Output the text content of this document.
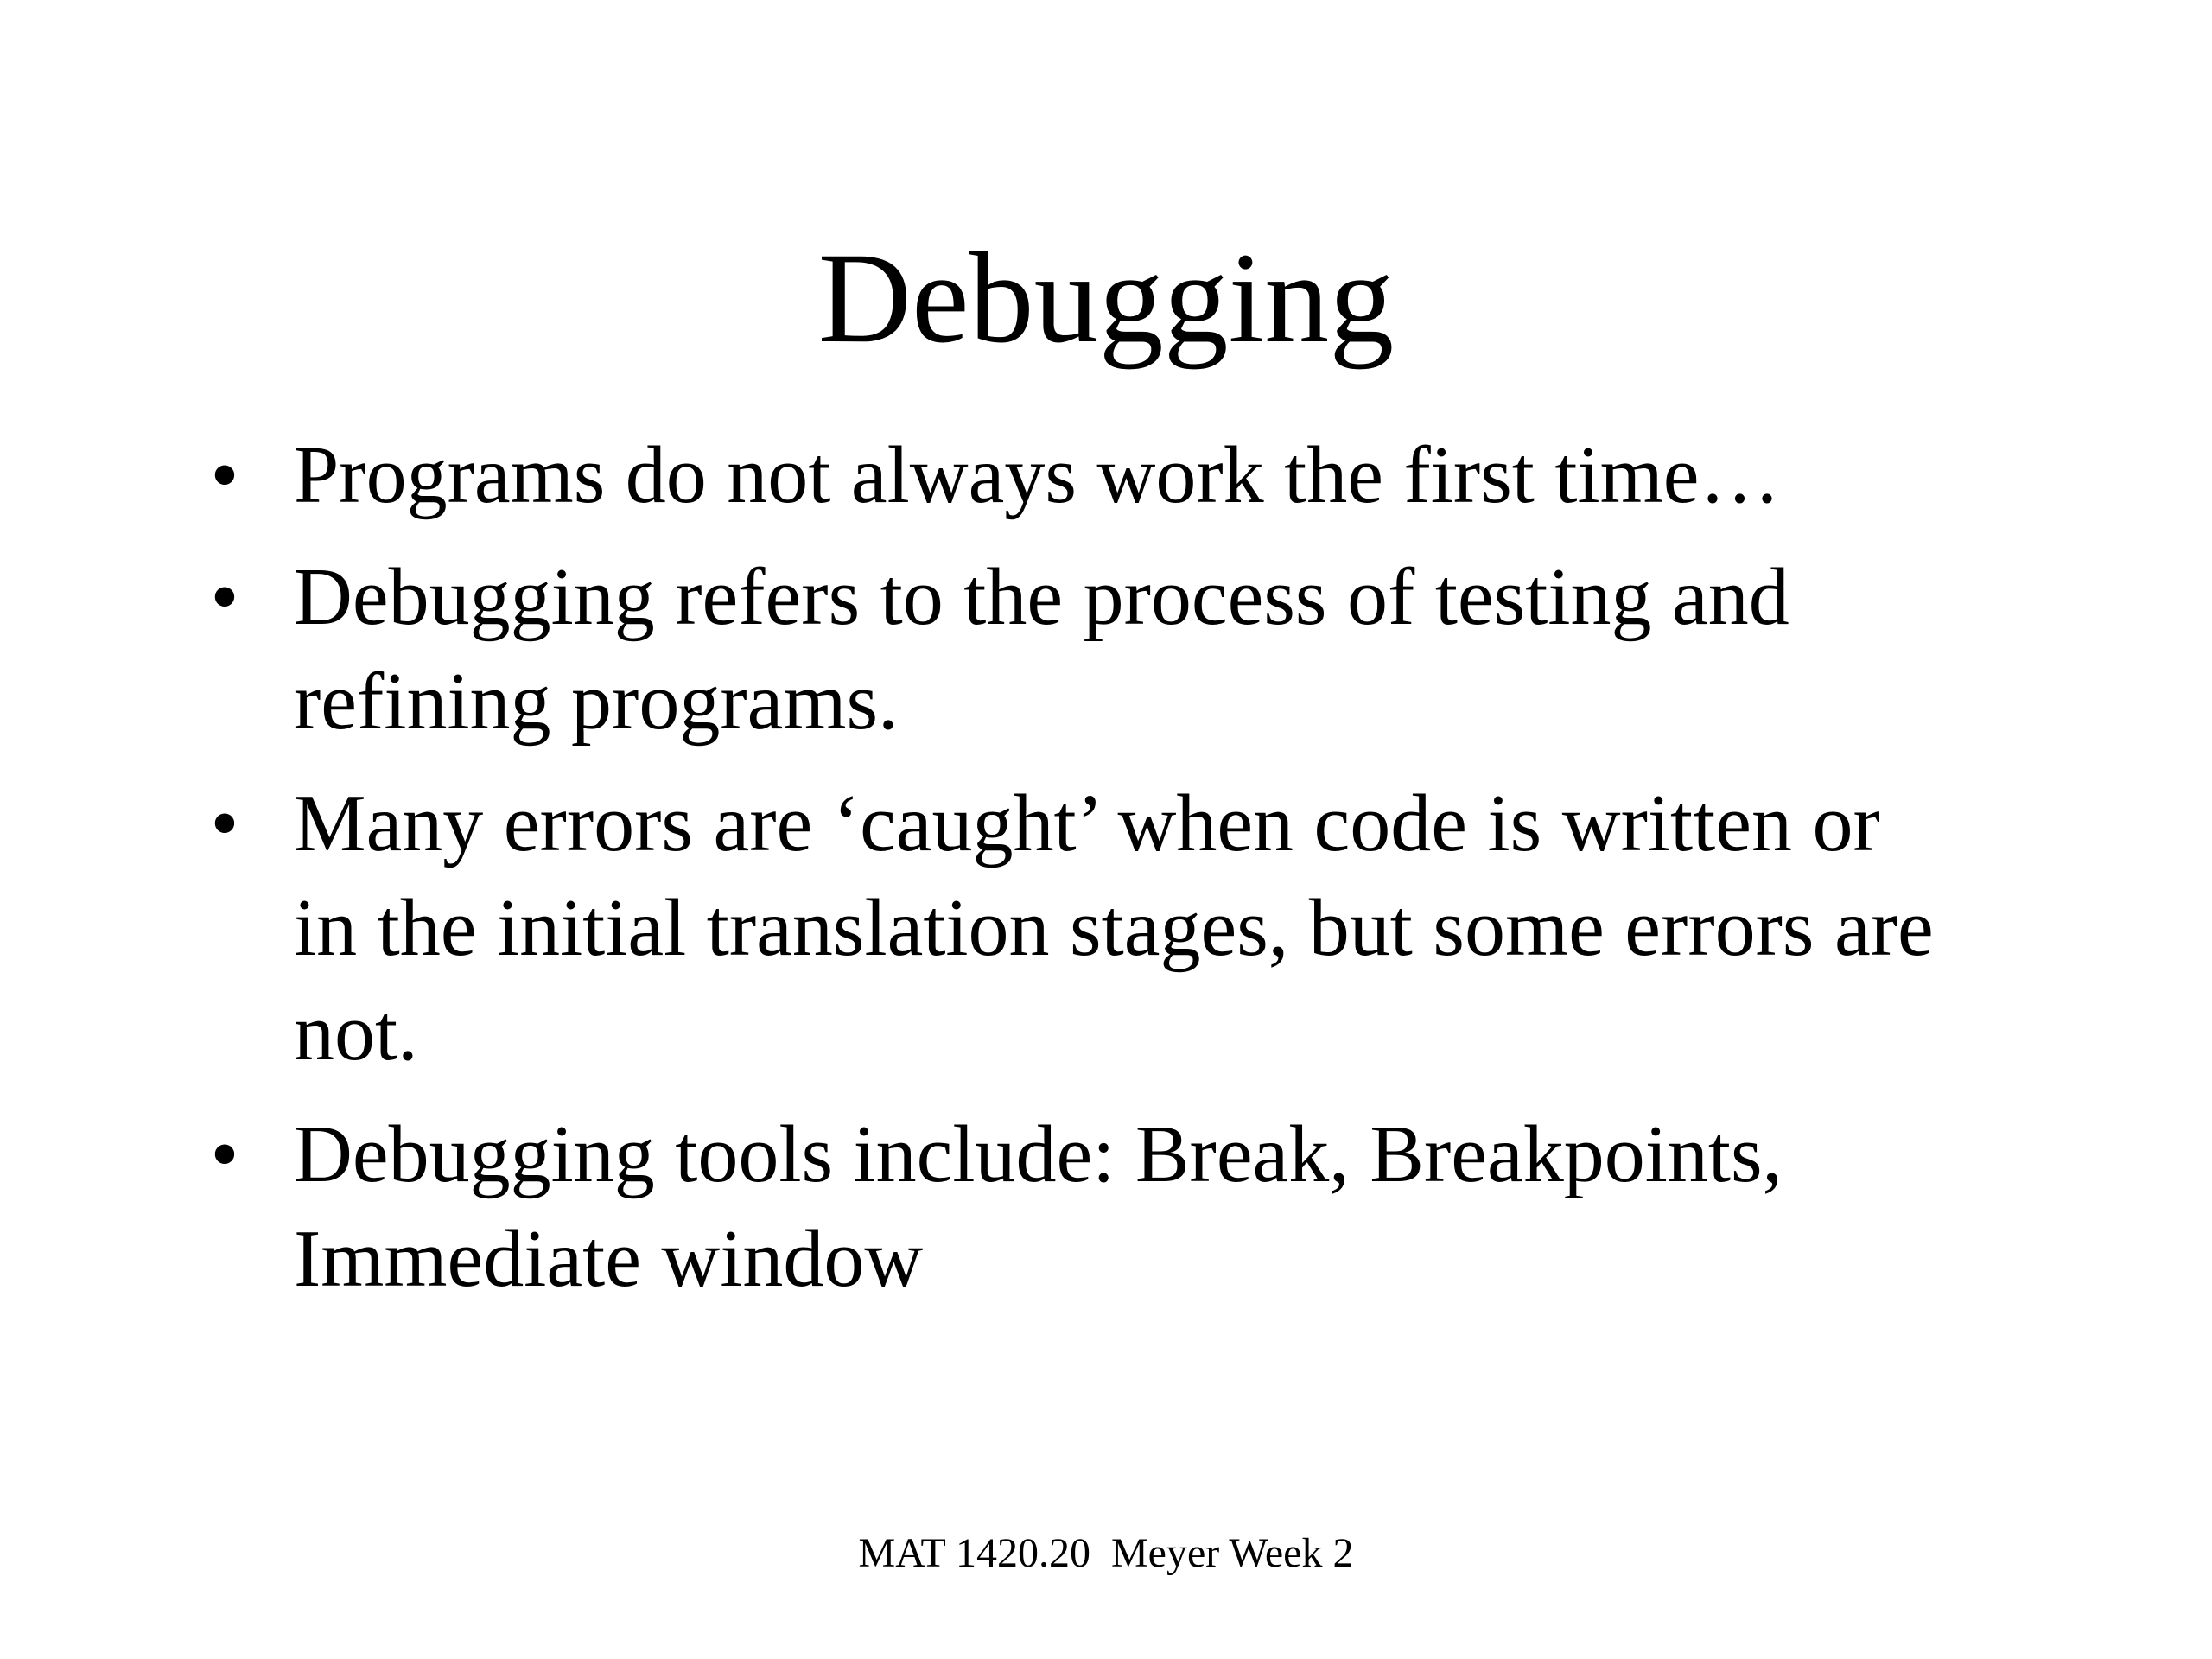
Debugging
• Programs do not always work the first time…
• Debugging refers to the process of testing and
refining programs.
• Many errors are ‘caught’ when code is written or
in the initial translation stages, but some errors are
not.
• Debugging tools include: Break, Breakpoints,
Immediate window
MAT 1420.20  Meyer Week 2
